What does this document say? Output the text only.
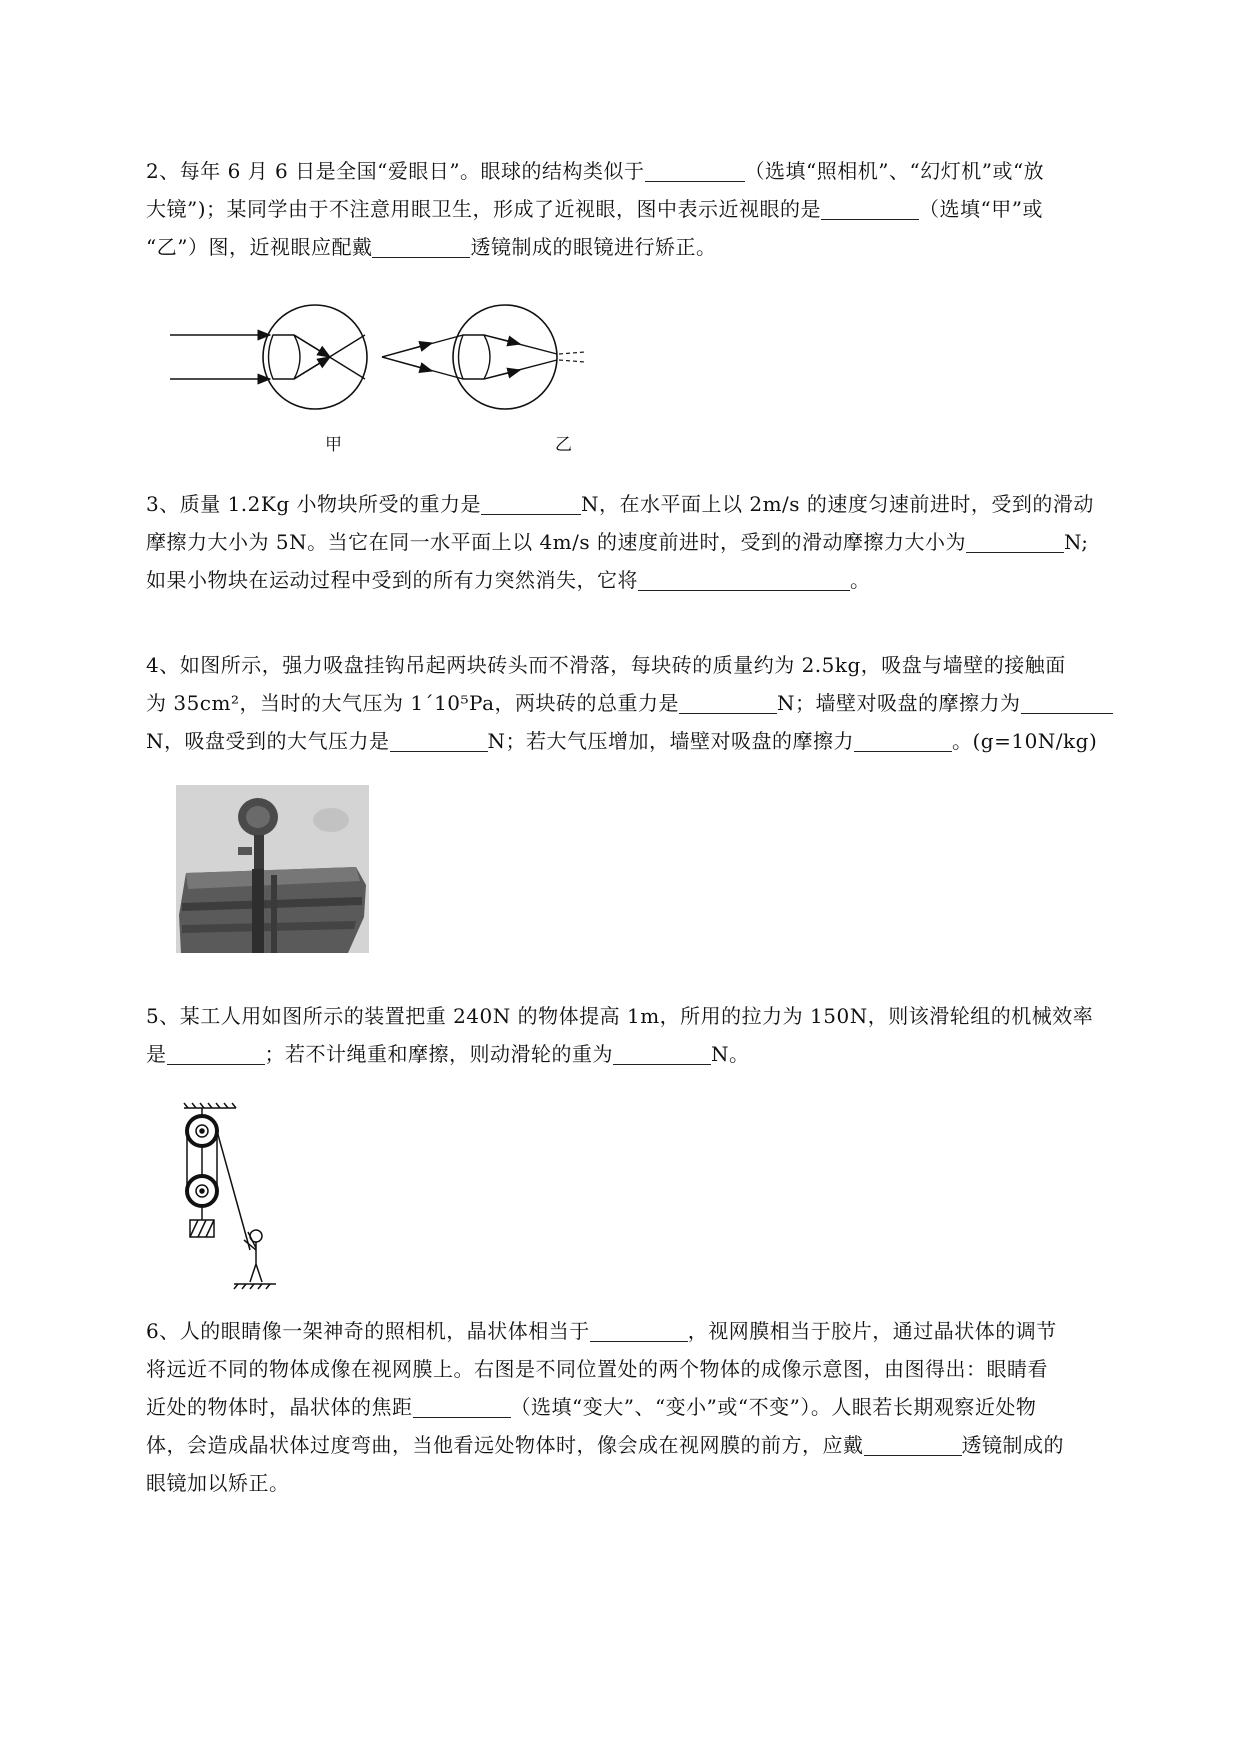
2、每年 6 月 6 日是全国“爱眼日”。眼球的结构类似于	（选填“照相机”、“幻灯机”或“放
大镜”)；某同学由于不注意用眼卫生，形成了近视眼，图中表示近视眼的是	（选填“甲”或
“乙”）图，近视眼应配戴	透镜制成的眼镜进行矫正。
甲	乙
3、质量 1.2Kg 小物块所受的重力是	N，在水平面上以 2m/s 的速度匀速前进时，受到的滑动
摩擦力大小为 5N。当它在同一水平面上以 4m/s 的速度前进时，受到的滑动摩擦力大小为	N;
如果小物块在运动过程中受到的所有力突然消失，它将	。
4、如图所示，强力吸盘挂钩吊起两块砖头而不滑落，每块砖的质量约为 2.5kg，吸盘与墙壁的接触面
为 35cm²，当时的大气压为 1´10⁵Pa，两块砖的总重力是	N；墙壁对吸盘的摩擦力为
N，吸盘受到的大气压力是	N；若大气压增加，墙壁对吸盘的摩擦力	。(g=10N/kg)
5、某工人用如图所示的装置把重 240N 的物体提高 1m，所用的拉力为 150N，则该滑轮组的机械效率
是	；若不计绳重和摩擦，则动滑轮的重为	N。
6、人的眼睛像一架神奇的照相机，晶状体相当于	，视网膜相当于胶片，通过晶状体的调节
将远近不同的物体成像在视网膜上。右图是不同位置处的两个物体的成像示意图，由图得出：眼睛看
近处的物体时，晶状体的焦距	（选填“变大”、“变小”或“不变”）。人眼若长期观察近处物
体，会造成晶状体过度弯曲，当他看远处物体时，像会成在视网膜的前方，应戴	透镜制成的
眼镜加以矫正。
